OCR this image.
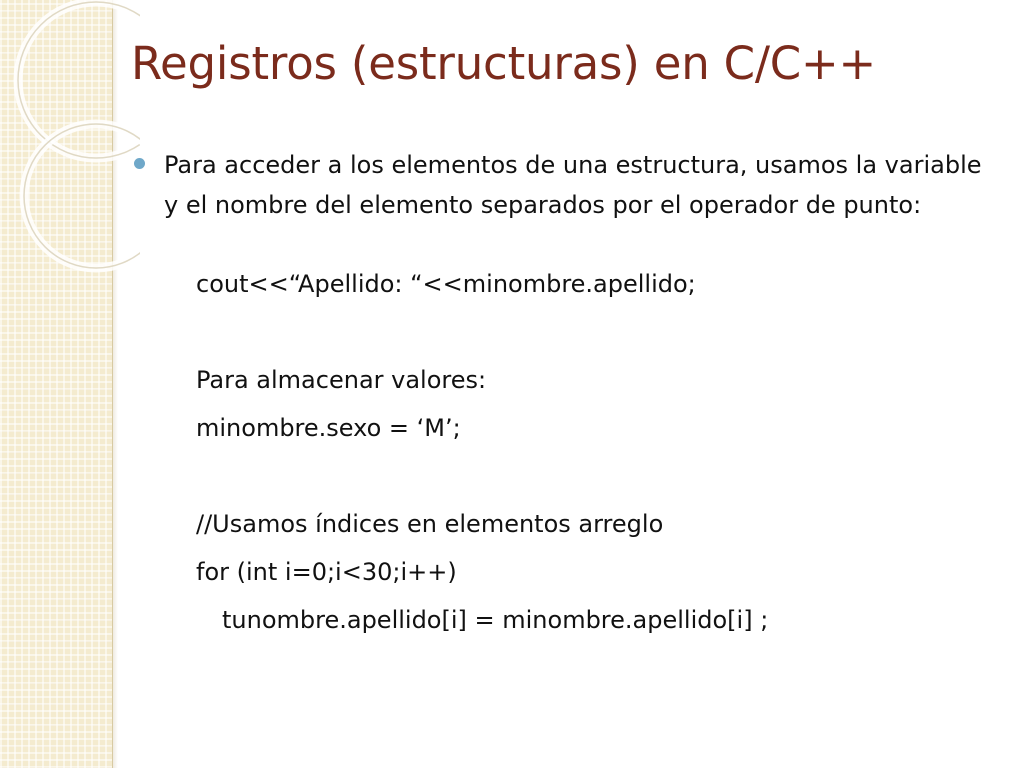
Registros (estructuras) en C/C++
Para acceder a los elementos de una estructura, usamos la variable y el nombre del elemento separados por el operador de punto:
cout<<“Apellido: “<<minombre.apellido;
Para almacenar valores:
minombre.sexo = ‘M’;
//Usamos índices en elementos arreglo
for (int i=0;i<30;i++)
tunombre.apellido[i] = minombre.apellido[i] ;
